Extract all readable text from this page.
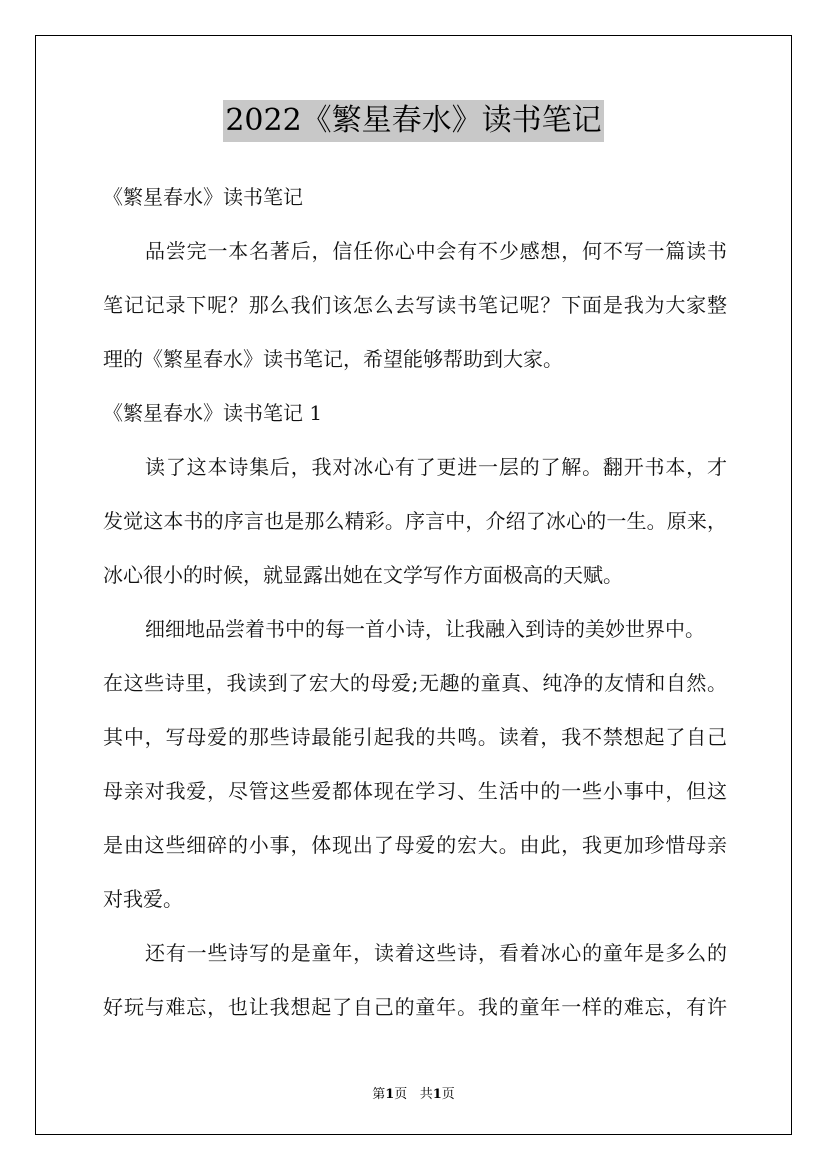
2022《繁星春水》读书笔记
《繁星春水》读书笔记
品尝完一本名著后，信任你心中会有不少感想，何不写一篇读书
笔记记录下呢？那么我们该怎么去写读书笔记呢？下面是我为大家整
理的《繁星春水》读书笔记，希望能够帮助到大家。
《繁星春水》读书笔记 1
读了这本诗集后，我对冰心有了更进一层的了解。翻开书本，才
发觉这本书的序言也是那么精彩。序言中，介绍了冰心的一生。原来，
冰心很小的时候，就显露出她在文学写作方面极高的天赋。
细细地品尝着书中的每一首小诗，让我融入到诗的美妙世界中。
在这些诗里，我读到了宏大的母爱;无趣的童真、纯净的友情和自然。
其中，写母爱的那些诗最能引起我的共鸣。读着，我不禁想起了自己
母亲对我爱，尽管这些爱都体现在学习、生活中的一些小事中，但这
是由这些细碎的小事，体现出了母爱的宏大。由此，我更加珍惜母亲
对我爱。
还有一些诗写的是童年，读着这些诗，看着冰心的童年是多么的
好玩与难忘，也让我想起了自己的童年。我的童年一样的难忘，有许
第1页 共1页
